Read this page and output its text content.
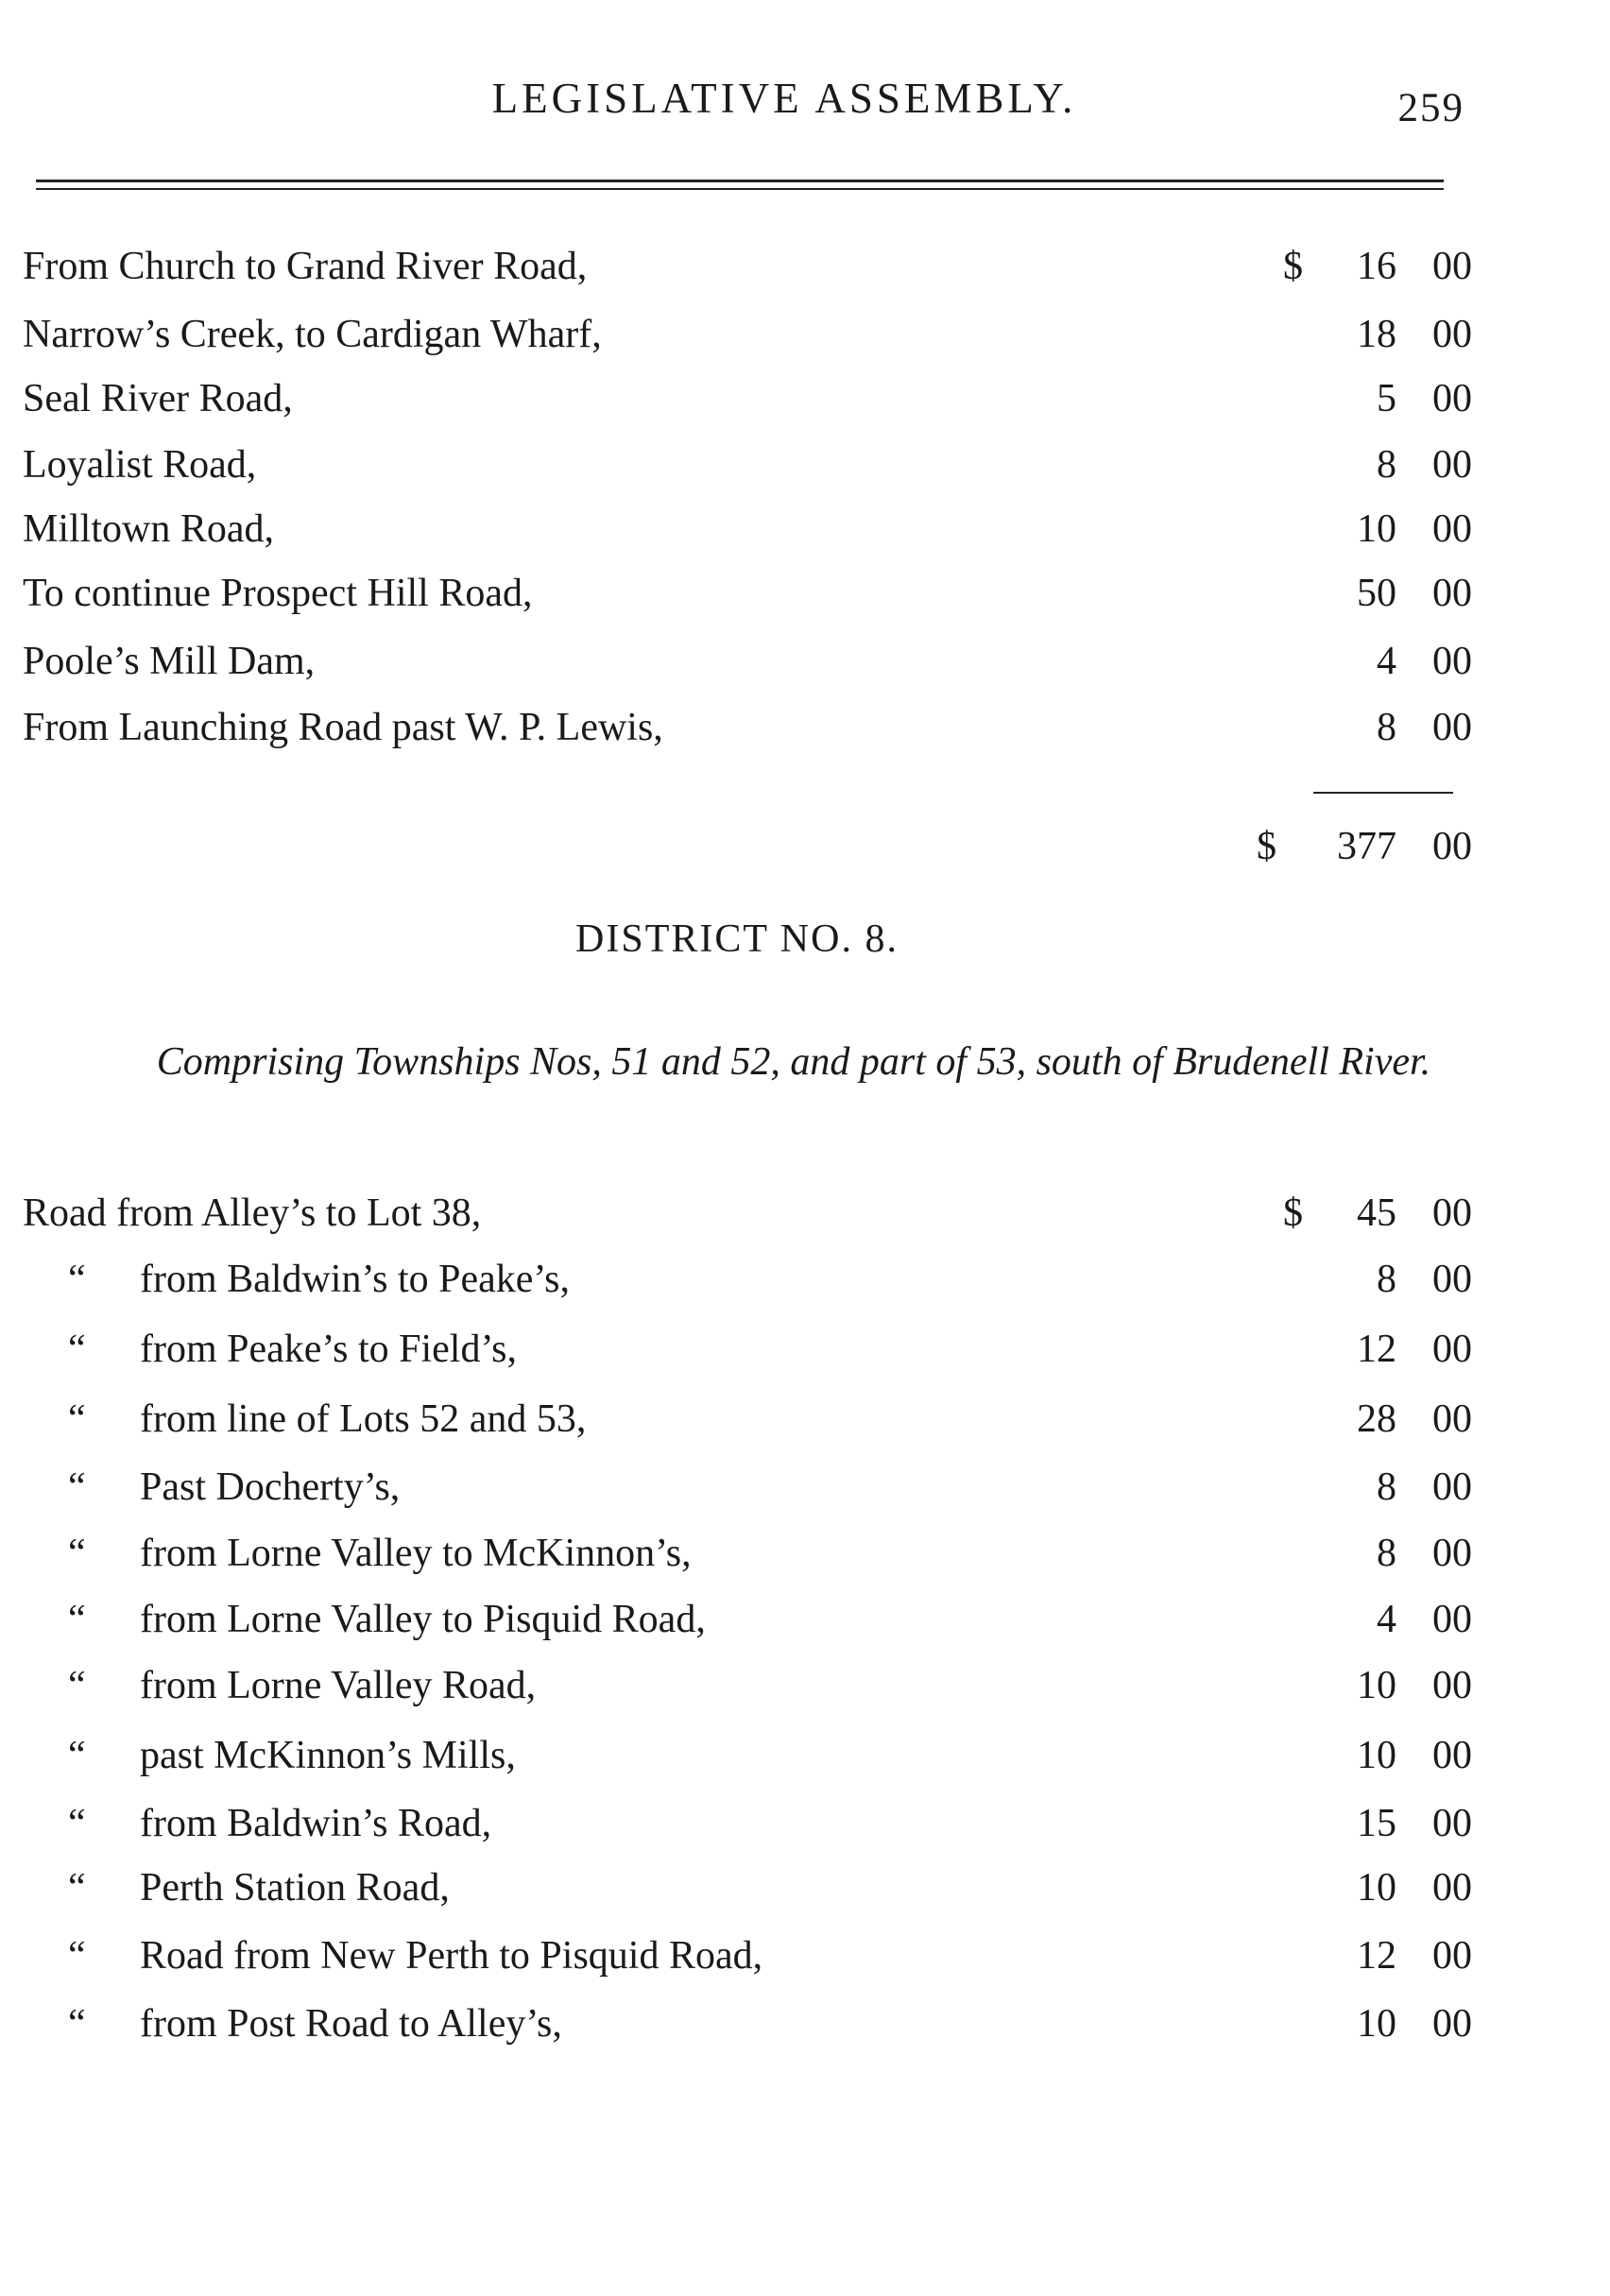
LEGISLATIVE ASSEMBLY.	259
From Church to Grand River Road,	$	16 00
Narrow’s Creek, to Cardigan Wharf,	18 00
Seal River Road,	5 00
Loyalist Road,	8 00
Milltown Road,	10 00
To continue Prospect Hill Road,	50 00
Poole’s Mill Dam,	4 00
From Launching Road past W. P. Lewis,	8 00
$	377 00
DISTRICT NO. 8.
Comprising Townships Nos, 51 and 52, and part of 53, south of Brudenell River.
Road from Alley’s to Lot 38,	$	45 00
“ from Baldwin’s to Peake’s,	8 00
“ from Peake’s to Field’s,	12 00
“ from line of Lots 52 and 53,	28 00
“ Past Docherty’s,	8 00
“ from Lorne Valley to McKinnon’s,	8 00
“ from Lorne Valley to Pisquid Road,	4 00
“ from Lorne Valley Road,	10 00
“ past McKinnon’s Mills,	10 00
“ from Baldwin’s Road,	15 00
“ Perth Station Road,	10 00
“ Road from New Perth to Pisquid Road,	12 00
“ from Post Road to Alley’s,	10 00
